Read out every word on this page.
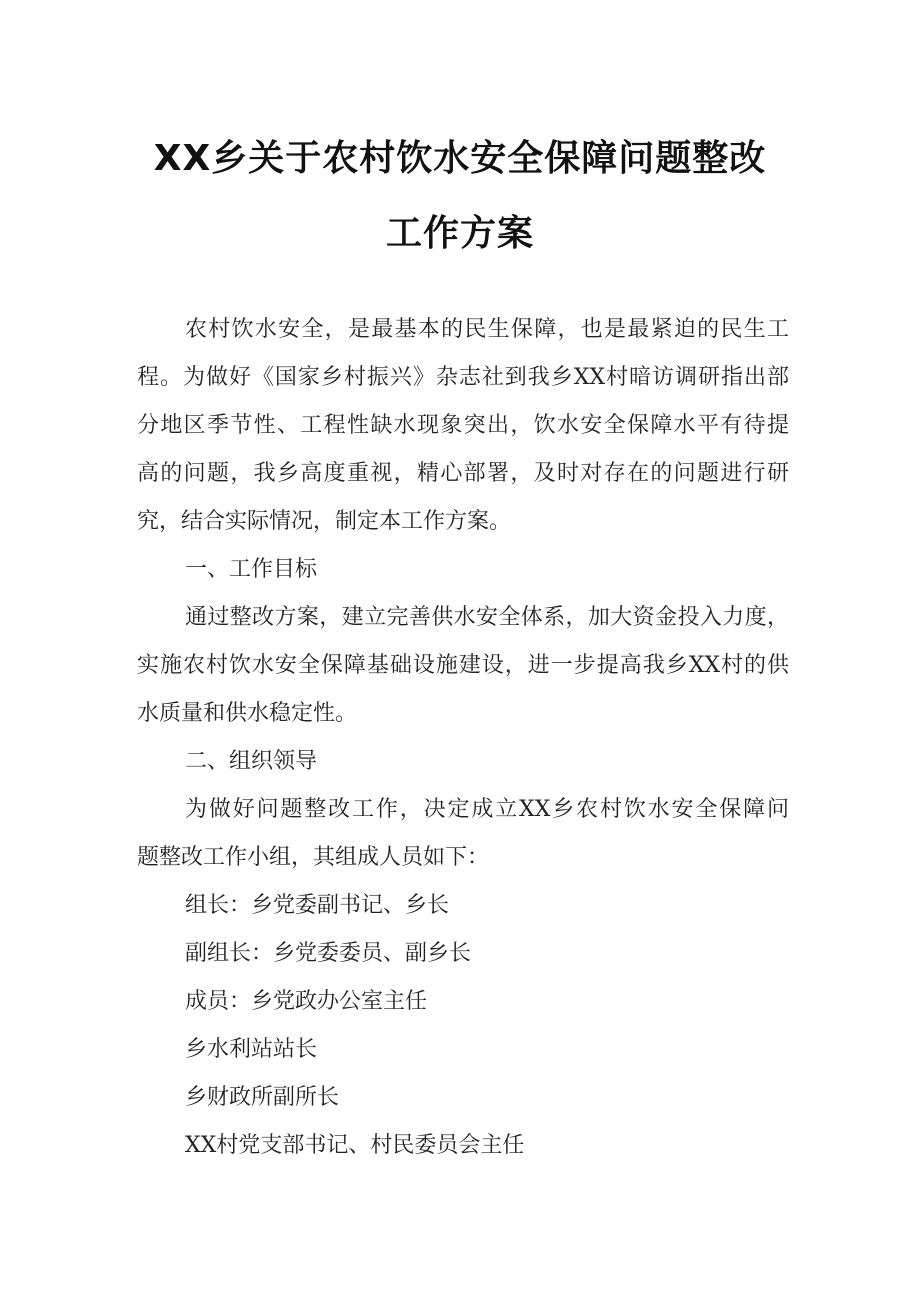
XX乡关于农村饮水安全保障问题整改
工作方案
农村饮水安全，是最基本的民生保障，也是最紧迫的民生工
程。为做好《国家乡村振兴》杂志社到我乡XX村暗访调研指出部
分地区季节性、工程性缺水现象突出，饮水安全保障水平有待提
高的问题，我乡高度重视，精心部署，及时对存在的问题进行研
究，结合实际情况，制定本工作方案。
一、工作目标
通过整改方案，建立完善供水安全体系，加大资金投入力度，
实施农村饮水安全保障基础设施建设，进一步提高我乡XX村的供
水质量和供水稳定性。
二、组织领导
为做好问题整改工作，决定成立XX乡农村饮水安全保障问
题整改工作小组，其组成人员如下：
组长：乡党委副书记、乡长
副组长：乡党委委员、副乡长
成员：乡党政办公室主任
乡水利站站长
乡财政所副所长
XX村党支部书记、村民委员会主任
